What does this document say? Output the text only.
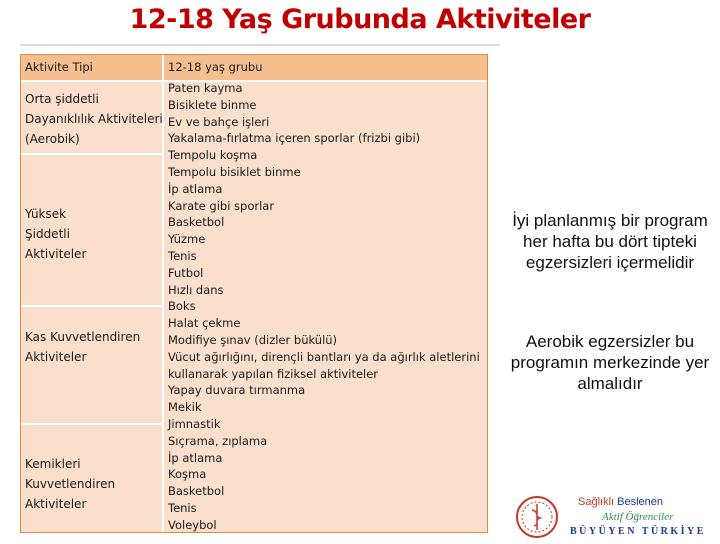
12-18 Yaş Grubunda Aktiviteler
Aktivite Tipi	12-18 yaş grubu
Orta şiddetli
Dayanıklılık Aktiviteleri
(Aerobik)
Yüksek
Şiddetli
Aktiviteler
Kas Kuvvetlendiren
Aktiviteler
Kemikleri
Kuvvetlendiren
Aktiviteler
Paten kayma
Bisiklete binme
Ev ve bahçe işleri
Yakalama-fırlatma içeren sporlar (frizbi gibi)
Tempolu koşma
Tempolu bisiklet binme
İp atlama
Karate gibi sporlar
Basketbol
Yüzme
Tenis
Futbol
Hızlı dans
Boks
Halat çekme
Modifiye şınav (dizler bükülü)
Vücut ağırlığını, dirençli bantları ya da ağırlık aletlerini
kullanarak yapılan fiziksel aktiviteler
Yapay duvara tırmanma
Mekik
Jimnastik
Sıçrama, zıplama
İp atlama
Koşma
Basketbol
Tenis
Voleybol
İyi planlanmış bir program her hafta bu dört tipteki egzersizleri içermelidir
Aerobik egzersizler bu programın merkezinde yer almalıdır
Sağlıklı Beslenen
Aktif Öğrenciler
BÜYÜYEN TÜRKİYE
